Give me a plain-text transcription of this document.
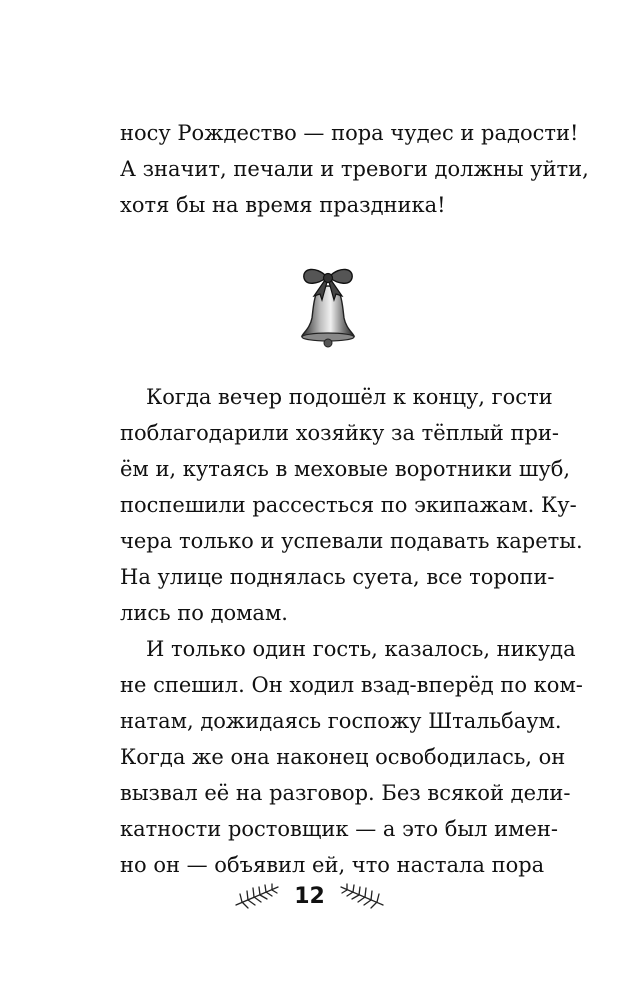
носу Рождество — пора чудес и радости!
А значит, печали и тревоги должны уйти,
хотя бы на время праздника!
Когда вечер подошёл к концу, гости
поблагодарили хозяйку за тёплый при-
ём и, кутаясь в меховые воротники шуб,
поспешили рассесться по экипажам. Ку-
чера только и успевали подавать кареты.
На улице поднялась суета, все торопи-
лись по домам.
И только один гость, казалось, никуда
не спешил. Он ходил взад-вперёд по ком-
натам, дожидаясь госпожу Штальбаум.
Когда же она наконец освободилась, он
вызвал её на разговор. Без всякой дели-
катности ростовщик — а это был имен-
но он — объявил ей, что настала пора
12
